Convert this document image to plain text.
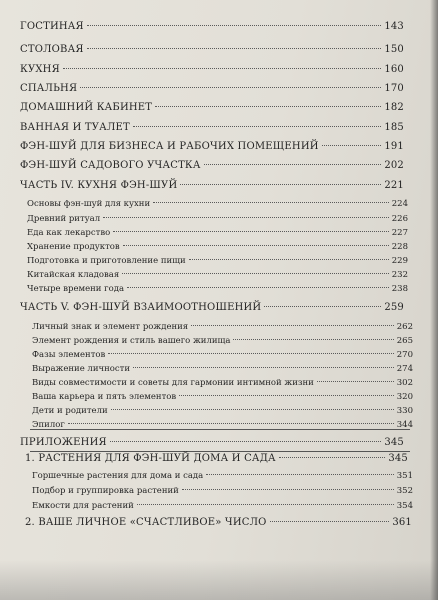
ГОСТИНАЯ	143
СТОЛОВАЯ	150
КУХНЯ	160
СПАЛЬНЯ	170
ДОМАШНИЙ КАБИНЕТ	182
ВАННАЯ И ТУАЛЕТ	185
ФЭН-ШУЙ ДЛЯ БИЗНЕСА И РАБОЧИХ ПОМЕЩЕНИЙ	191
ФЭН-ШУЙ САДОВОГО УЧАСТКА	202
ЧАСТЬ IV. КУХНЯ ФЭН-ШУЙ	221
Основы фэн-шуй для кухни	224
Древний ритуал	226
Еда как лекарство	227
Хранение продуктов	228
Подготовка и приготовление пищи	229
Китайская кладовая	232
Четыре времени года	238
ЧАСТЬ V. ФЭН-ШУЙ ВЗАИМООТНОШЕНИЙ	259
Личный знак и элемент рождения	262
Элемент рождения и стиль вашего жилища	265
Фазы элементов	270
Выражение личности	274
Виды совместимости и советы для гармонии интимной жизни	302
Ваша карьера и пять элементов	320
Дети и родители	330
Эпилог	344
ПРИЛОЖЕНИЯ	345
1. РАСТЕНИЯ ДЛЯ ФЭН-ШУЙ ДОМА И САДА	345
Горшечные растения для дома и сада	351
Подбор и группировка растений	352
Емкости для растений	354
2. ВАШЕ ЛИЧНОЕ «СЧАСТЛИВОЕ» ЧИСЛО	361
